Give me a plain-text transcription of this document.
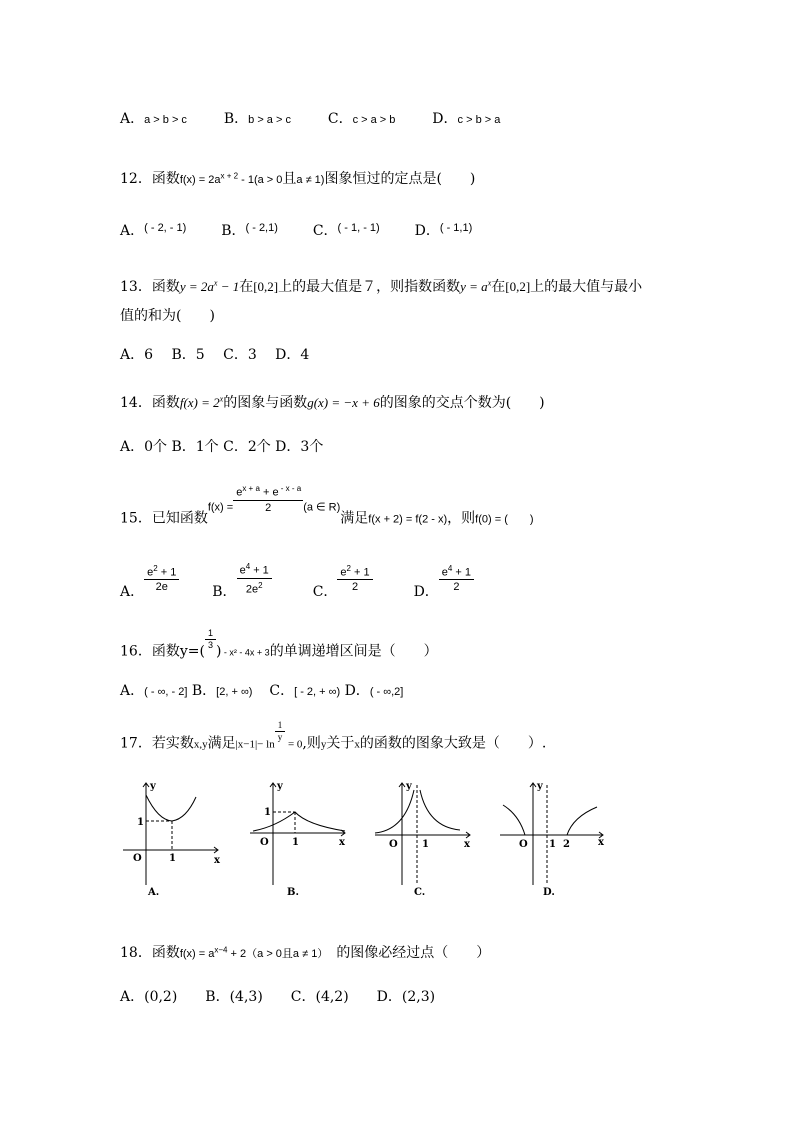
A．a > b > c	B．b > a > c	C．c > a > b	D．c > b > a
12．函数$f(x) = 2a^{x + 2} - 1(a > 0$且a ≠ 1)图象恒过的定点是(　　)
A．$^{( - 2, - 1)}$ B．$^{( - 2,1)}$ C．$^{( - 1, - 1)}$ D．$^{( - 1,1)}$
13．函数$y = 2a^x - 1$在[0,2]上的最大值是７，则指数函数$y = a^x$在[0,2]上的最大值与最小
值的和为(　　)
A．6　 B．5　 C．3　 D．4
14．函数$f(x) = 2^x$的图象与函数g(x) = −x + 6的图象的交点个数为(　　)
A．0个 B．1个 C．2个 D．3个
15．已知函数$_{f(x) =} \frac{e^{x + a} + e ^{- x - a}}{2} _{(a \in R)}$满足$_{f(x + 2) = f(2 - x)}$，则$_{f(0) = ( )}$
A． $\frac{e^2 + 1}{2e}$ B． $\frac{e^4 + 1}{2e^2}$	C． $\frac{e^2 + 1}{2}$	D． $\frac{e^4 + 1}{2}$
16．函数y=(
$\frac{1}{3}$
) $_{- x^2 - 4x + 3}$的单调递增区间是（　　）
A．( - ∞, - 2] B．[2, + ∞) C．[ - 2, + ∞) D．( - ∞,2]
17．若实数$_{x,y}$满足$_{|x-1|- ln}$
$\frac{1}{y}$
$_{= 0}$,则$_y$关于$_x$的函数的图象大致是（　　）.
y
x
O
1
1
A.
y
x
O
1
1
B.
y
x
O 1
C.
y
x
O 1 2
D.
18．函数$f(x) = a^{x-4} + 2(a > 0$且a ≠ 1） 的图像必经过点（　　）
A．(0,2)　　B．(4,3)　　C．(4,2)　　D．(2,3)
